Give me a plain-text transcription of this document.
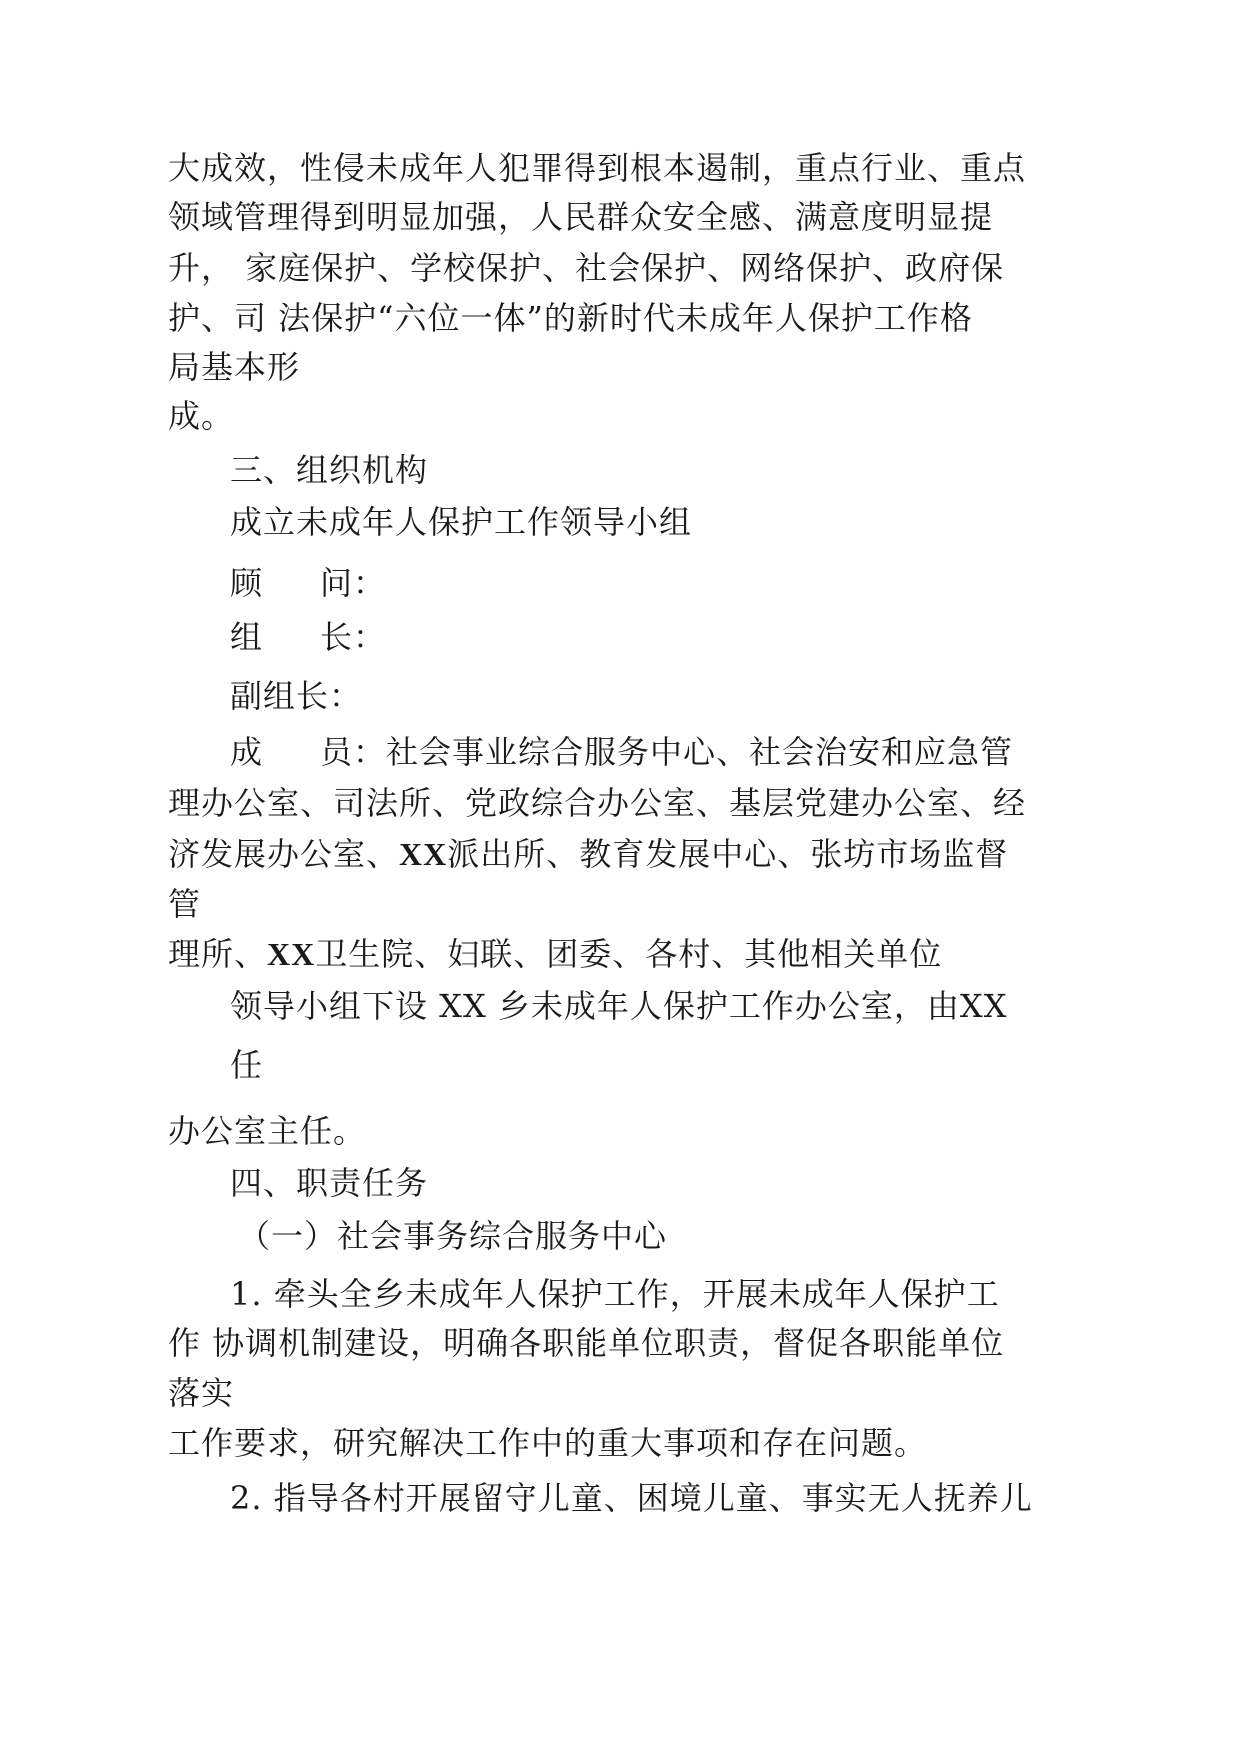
大成效，性侵未成年人犯罪得到根本遏制，重点行业、重点
领域管理得到明显加强，人民群众安全感、满意度明显提
升， 家庭保护、学校保护、社会保护、网络保护、政府保
护、司 法保护“六位一体”的新时代未成年人保护工作格
局基本形
成。
三、组织机构
成立未成年人保护工作领导小组
顾 问：
组 长：
副组长：
成 员：社会事业综合服务中心、社会治安和应急管
理办公室、司法所、党政综合办公室、基层党建办公室、经
济发展办公室、XX派出所、教育发展中心、张坊市场监督
管
理所、XX卫生院、妇联、团委、各村、其他相关单位
领导小组下设 XX 乡未成年人保护工作办公室，由XX
任
办公室主任。
四、职责任务
（一）社会事务综合服务中心
1. 牵头全乡未成年人保护工作，开展未成年人保护工
作 协调机制建设，明确各职能单位职责，督促各职能单位
落实
工作要求，研究解决工作中的重大事项和存在问题。
2. 指导各村开展留守儿童、困境儿童、事实无人抚养儿
